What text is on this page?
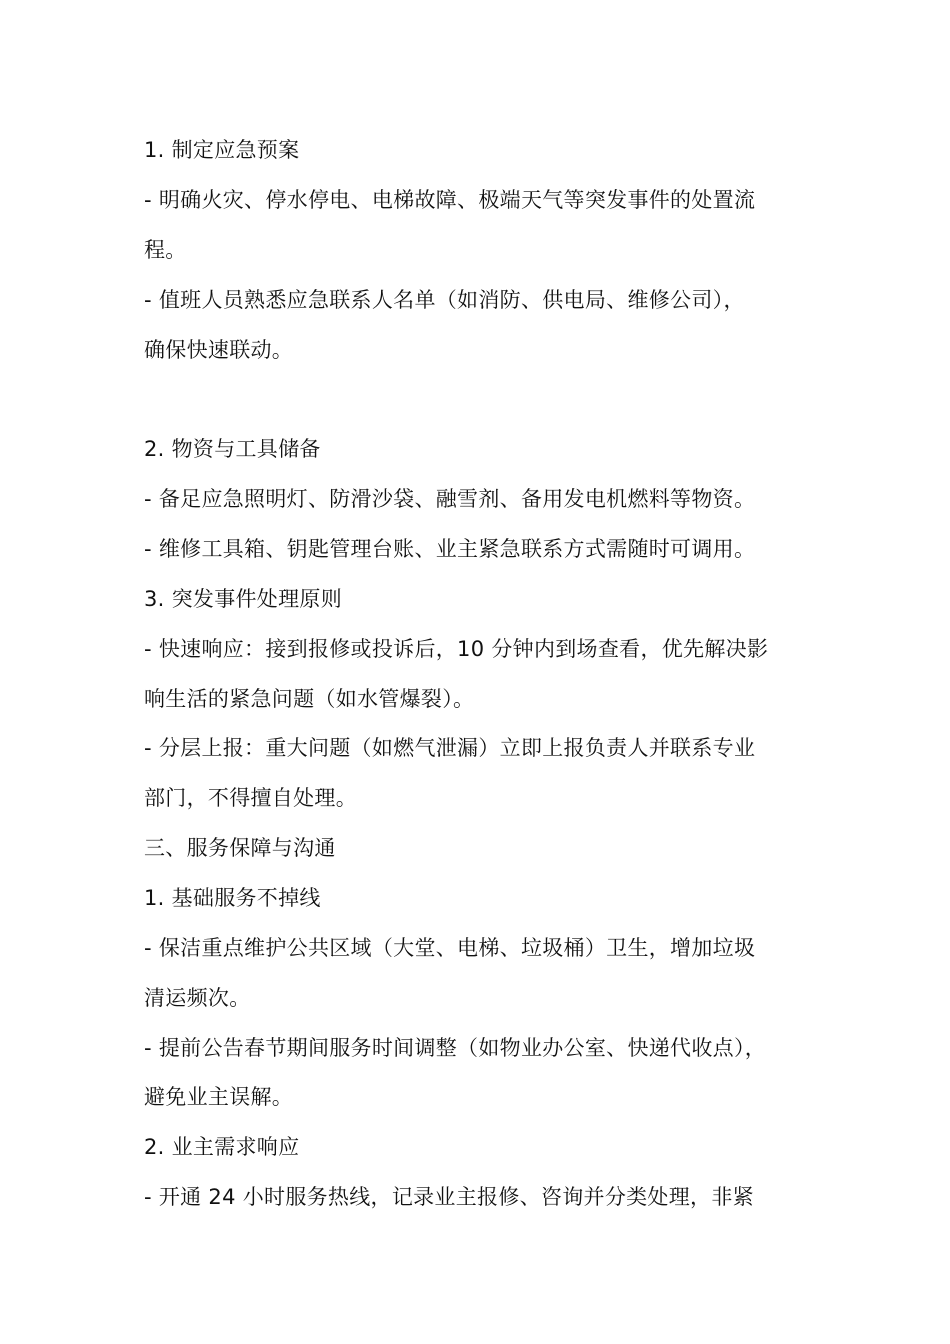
1. 制定应急预案
- 明确火灾、停水停电、电梯故障、极端天气等突发事件的处置流
程。
- 值班人员熟悉应急联系人名单（如消防、供电局、维修公司），
确保快速联动。
2. 物资与工具储备
- 备足应急照明灯、防滑沙袋、融雪剂、备用发电机燃料等物资。
- 维修工具箱、钥匙管理台账、业主紧急联系方式需随时可调用。
3. 突发事件处理原则
- 快速响应：接到报修或投诉后，10 分钟内到场查看，优先解决影
响生活的紧急问题（如水管爆裂）。
- 分层上报：重大问题（如燃气泄漏）立即上报负责人并联系专业
部门，不得擅自处理。
三、服务保障与沟通
1. 基础服务不掉线
- 保洁重点维护公共区域（大堂、电梯、垃圾桶）卫生，增加垃圾
清运频次。
- 提前公告春节期间服务时间调整（如物业办公室、快递代收点），
避免业主误解。
2. 业主需求响应
- 开通 24 小时服务热线，记录业主报修、咨询并分类处理，非紧
